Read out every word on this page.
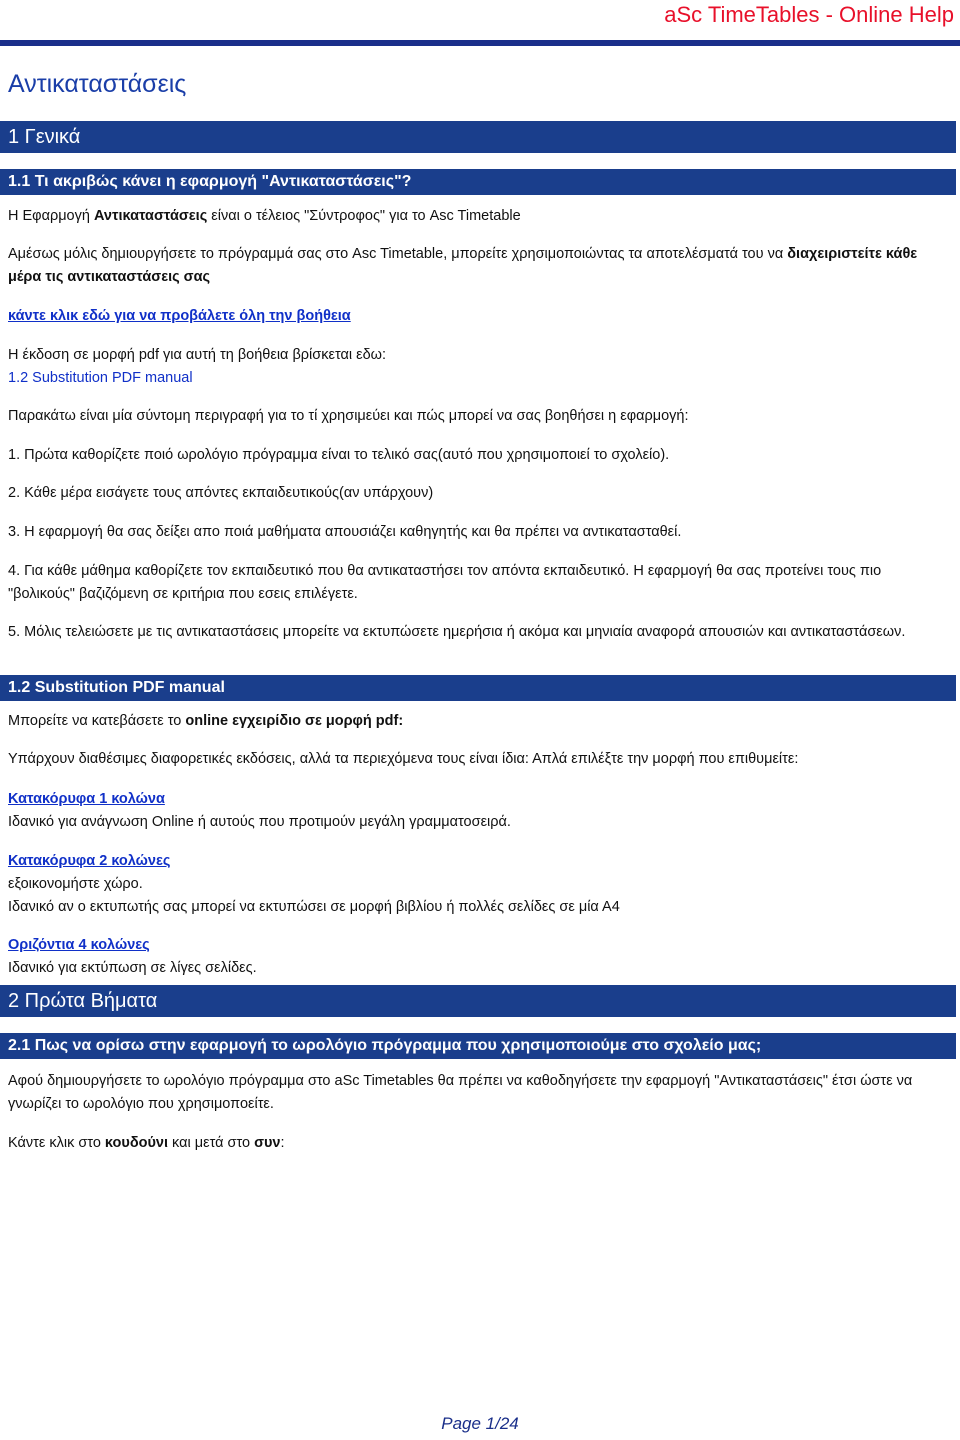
aSc TimeTables - Online Help
Αντικαταστάσεις
1 Γενικά
1.1 Τι ακριβώς κάνει η εφαρμογή "Αντικαταστάσεις"?

Η Εφαρμογή Αντικαταστάσεις είναι ο τέλειος "Σύντροφος" για το Asc Timetable

Αμέσως μόλις δημιουργήσετε το πρόγραμμά σας στο Asc Timetable, μπορείτε χρησιμοποιώντας τα αποτελέσματά του να διαχειριστείτε κάθε μέρα τις αντικαταστάσεις σας

κάντε κλικ εδώ για να προβάλετε όλη την βοήθεια

Η έκδοση σε μορφή pdf για αυτή τη βοήθεια βρίσκεται εδω:

1.2 Substitution PDF manual

Παρακάτω είναι μία σύντομη περιγραφή για το τί χρησιμεύει και πώς μπορεί να σας βοηθήσει η εφαρμογή:

1. Πρώτα καθορίζετε ποιό ωρολόγιο πρόγραμμα είναι το τελικό σας(αυτό που χρησιμοποιεί το σχολείο).

2. Κάθε μέρα εισάγετε τους απόντες εκπαιδευτικούς(αν υπάρχουν)

3. Η εφαρμογή θα σας δείξει απο ποιά μαθήματα απουσιάζει καθηγητής και θα πρέπει να αντικατασταθεί.

4. Για κάθε μάθημα καθορίζετε τον εκπαιδευτικό που θα αντικαταστήσει τον απόντα εκπαιδευτικό. Η εφαρμογή θα σας προτείνει τους πιο "βολικούς" βαζιζόμενη σε κριτήρια που εσεις επιλέγετε.

5. Μόλις τελειώσετε με τις αντικαταστάσεις μπορείτε να εκτυπώσετε ημερήσια ή ακόμα και μηνιαία αναφορά απουσιών και αντικαταστάσεων.

1.2 Substitution PDF manual

Μπορείτε να κατεβάσετε το online εγχειρίδιο σε μορφή pdf:

Υπάρχουν διαθέσιμες διαφορετικές εκδόσεις, αλλά τα περιεχόμενα τους είναι ίδια: Απλά επιλέξτε την μορφή που επιθυμείτε:

Κατακόρυφα 1 κολώνα

Ιδανικό για ανάγνωση Online ή αυτούς που προτιμούν μεγάλη γραμματοσειρά.

Κατακόρυφα 2 κολώνες

εξοικονομήστε χώρο.

Ιδανικό αν ο εκτυπωτής σας μπορεί να εκτυπώσει σε μορφή βιβλίου ή πολλές σελίδες σε μία Α4

Οριζόντια 4 κολώνες

Ιδανικό για εκτύπωση σε λίγες σελίδες.

2 Πρώτα Βήματα
2.1 Πως να ορίσω στην εφαρμογή το ωρολόγιο πρόγραμμα που χρησιμοποιούμε στο σχολείο μας;

Αφού δημιουργήσετε το ωρολόγιο πρόγραμμα στο aSc Timetables θα πρέπει να καθοδηγήσετε την εφαρμογή "Αντικαταστάσεις" έτσι ώστε να γνωρίζει το ωρολόγιο που χρησιμοποείτε.

Κάντε κλικ στο κουδούνι και μετά στο συν:

Page 1/24
